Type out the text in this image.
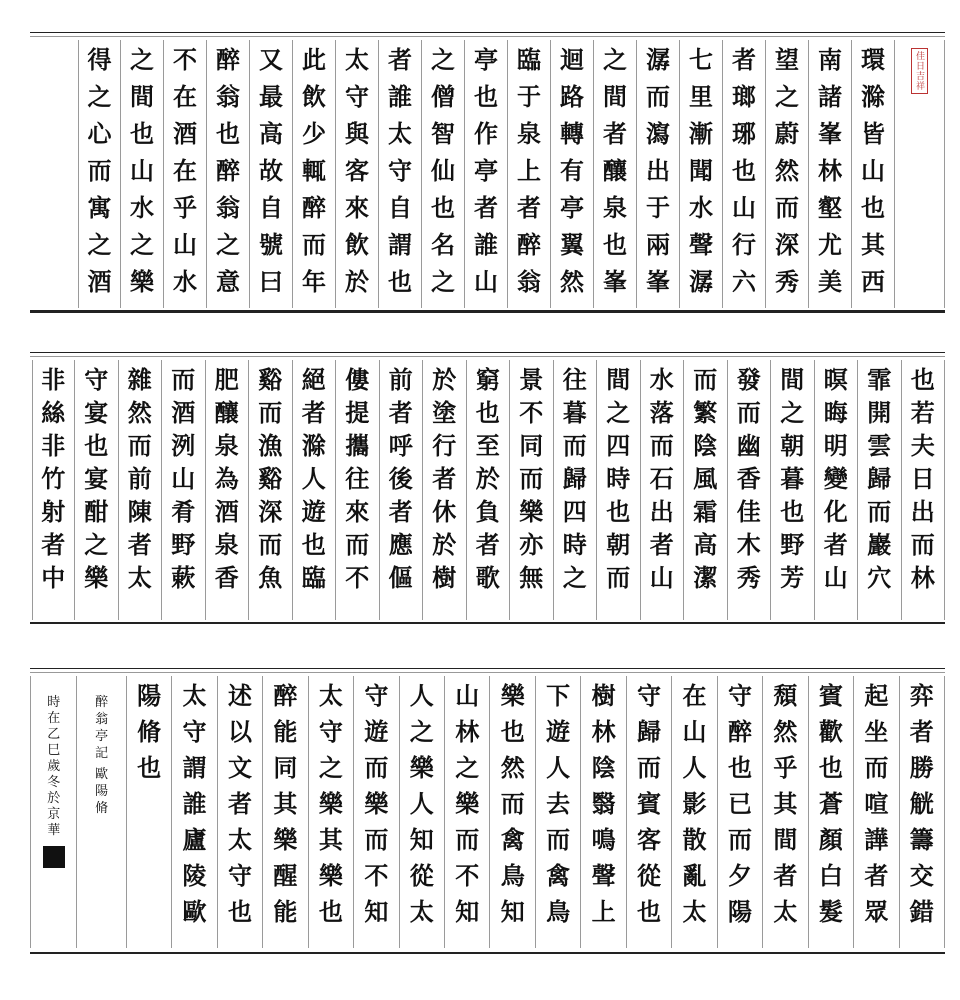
佳日吉祥
環
滁
皆
山
也
其
西
南
諸
峯
林
壑
尤
美
望
之
蔚
然
而
深
秀
者
瑯
琊
也
山
行
六
七
里
漸
聞
水
聲
潺
潺
而
瀉
出
于
兩
峯
之
間
者
釀
泉
也
峯
迴
路
轉
有
亭
翼
然
臨
于
泉
上
者
醉
翁
亭
也
作
亭
者
誰
山
之
僧
智
仙
也
名
之
者
誰
太
守
自
謂
也
太
守
與
客
來
飲
於
此
飲
少
輒
醉
而
年
又
最
高
故
自
號
曰
醉
翁
也
醉
翁
之
意
不
在
酒
在
乎
山
水
之
間
也
山
水
之
樂
得
之
心
而
寓
之
酒
也
若
夫
日
出
而
林
霏
開
雲
歸
而
巖
穴
暝
晦
明
變
化
者
山
間
之
朝
暮
也
野
芳
發
而
幽
香
佳
木
秀
而
繁
陰
風
霜
高
潔
水
落
而
石
出
者
山
間
之
四
時
也
朝
而
往
暮
而
歸
四
時
之
景
不
同
而
樂
亦
無
窮
也
至
於
負
者
歌
於
塗
行
者
休
於
樹
前
者
呼
後
者
應
傴
僂
提
攜
往
來
而
不
絕
者
滁
人
遊
也
臨
谿
而
漁
谿
深
而
魚
肥
釀
泉
為
酒
泉
香
而
酒
洌
山
肴
野
蔌
雜
然
而
前
陳
者
太
守
宴
也
宴
酣
之
樂
非
絲
非
竹
射
者
中
弈
者
勝
觥
籌
交
錯
起
坐
而
喧
譁
者
眾
賓
歡
也
蒼
顏
白
髮
頹
然
乎
其
間
者
太
守
醉
也
已
而
夕
陽
在
山
人
影
散
亂
太
守
歸
而
賓
客
從
也
樹
林
陰
翳
鳴
聲
上
下
遊
人
去
而
禽
鳥
樂
也
然
而
禽
鳥
知
山
林
之
樂
而
不
知
人
之
樂
人
知
從
太
守
遊
而
樂
而
不
知
太
守
之
樂
其
樂
也
醉
能
同
其
樂
醒
能
述
以
文
者
太
守
也
太
守
謂
誰
廬
陵
歐
陽
脩
也
醉
翁
亭
記
歐
陽
脩
時
在
乙
巳
歲
冬
於
京
華
